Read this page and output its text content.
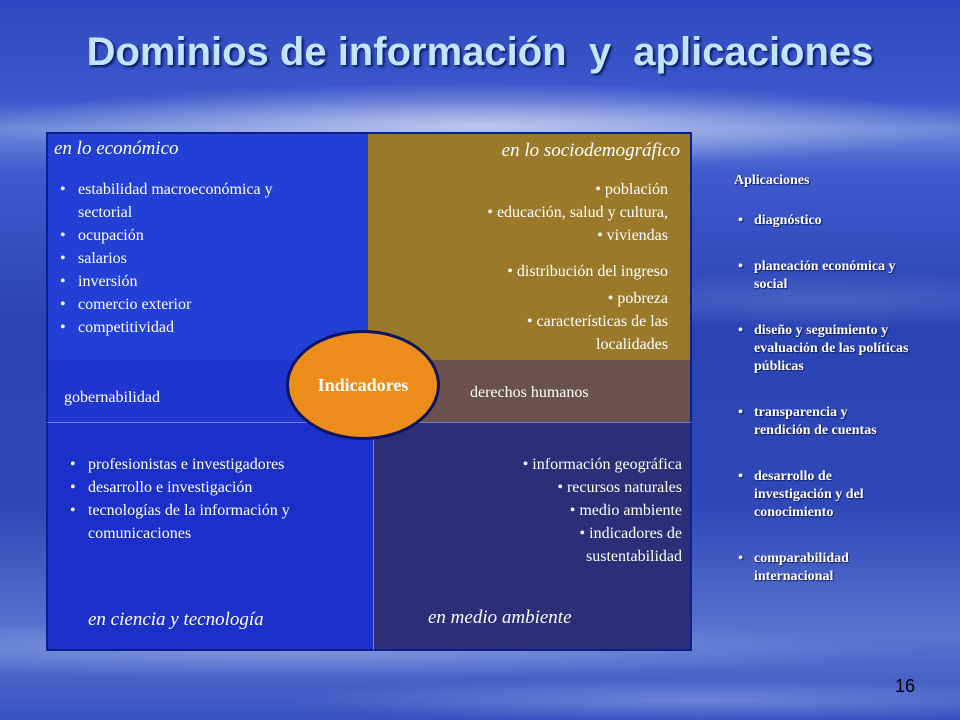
Dominios de información  y  aplicaciones
en lo económico
• estabilidad macroeconómica y sectorial
• ocupación
• salarios
• inversión
• comercio exterior
• competitividad
en lo sociodemográfico
• población
• educación, salud y cultura,
• viviendas
• distribución del ingreso
• pobreza
• características de las localidades
gobernabilidad	derechos humanos
• profesionistas e investigadores
• desarrollo e investigación
• tecnologías de la información y comunicaciones
en ciencia y tecnología
• información geográfica
• recursos naturales
• medio ambiente
• indicadores de sustentabilidad
en medio ambiente
Indicadores
Aplicaciones
• diagnóstico
• planeación económica y social
• diseño y seguimiento y evaluación de las políticas públicas
• transparencia y rendición de cuentas
• desarrollo de investigación y del conocimiento
• comparabilidad internacional
16
